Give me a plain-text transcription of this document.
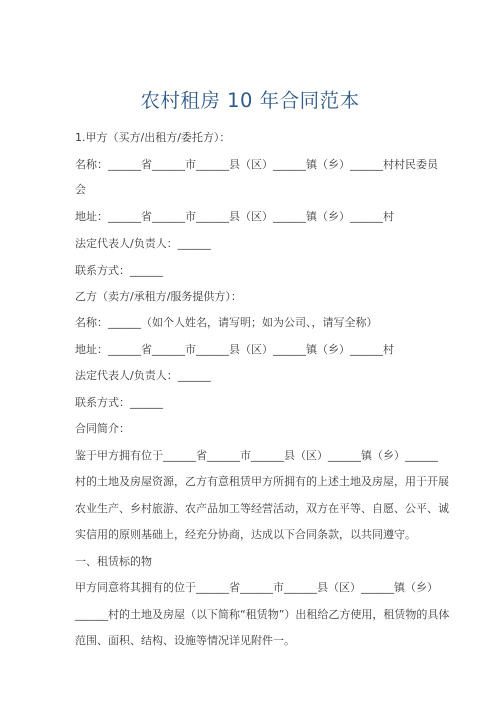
农村租房 10 年合同范本
1.甲方（买方/出租方/委托方）：
名称：______省______市______县（区）______镇（乡）______村村民委员
会
地址：______省______市______县（区）______镇（乡）______村
法定代表人/负责人：______
联系方式：______
乙方（卖方/承租方/服务提供方）：
名称：______（如个人姓名，请写明；如为公司、，请写全称）
地址：______省______市______县（区）______镇（乡）______村
法定代表人/负责人：______
联系方式：______
合同简介：
鉴于甲方拥有位于______省______市______县（区）______镇（乡）______
村的土地及房屋资源，乙方有意租赁甲方所拥有的上述土地及房屋，用于开展
农业生产、乡村旅游、农产品加工等经营活动，双方在平等、自愿、公平、诚
实信用的原则基础上，经充分协商，达成以下合同条款，以共同遵守。
一、租赁标的物
甲方同意将其拥有的位于______省______市______县（区）______镇（乡）
______村的土地及房屋（以下简称“租赁物”）出租给乙方使用，租赁物的具体
范围、面积、结构、设施等情况详见附件一。
